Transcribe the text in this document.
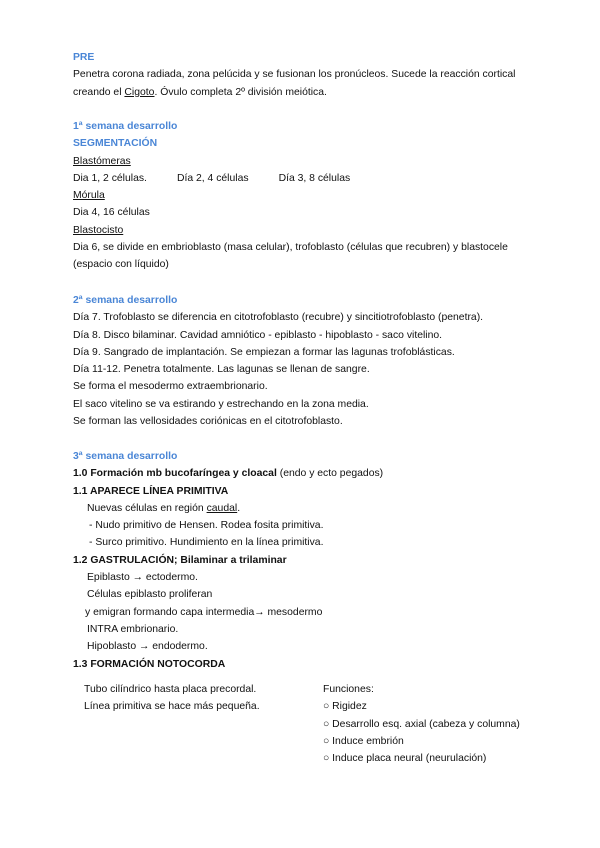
PRE
Penetra corona radiada, zona pelúcida y se fusionan los pronúcleos. Sucede la reacción cortical
creando el Cigoto. Óvulo completa 2º división meiótica.
1ª semana desarrollo
SEGMENTACIÓN
Blastómeras
Dia 1, 2 células.	Día 2, 4 células	Día 3, 8 células
Mórula
Dia 4, 16 células
Blastocisto
Dia 6, se divide en embrioblasto (masa celular), trofoblasto (células que recubren) y blastocele
(espacio con líquido)
2ª semana desarrollo
Día 7. Trofoblasto se diferencia en citotrofoblasto (recubre) y sincitiotrofoblasto (penetra).
Día 8. Disco bilaminar. Cavidad amniótico - epiblasto - hipoblasto - saco vitelino.
Día 9. Sangrado de implantación. Se empiezan a formar las lagunas trofoblásticas.
Día 11-12. Penetra totalmente. Las lagunas se llenan de sangre.
Se forma el mesodermo extraembrionario.
El saco vitelino se va estirando y estrechando en la zona media.
Se forman las vellosidades coriónicas en el citotrofoblasto.
3ª semana desarrollo
1.0 Formación mb bucofaríngea y cloacal (endo y ecto pegados)
1.1 APARECE LÍNEA PRIMITIVA
Nuevas células en región caudal.
- Nudo primitivo de Hensen. Rodea fosita primitiva.
- Surco primitivo. Hundimiento en la línea primitiva.
1.2 GASTRULACIÓN; Bilaminar a trilaminar
Epiblasto → ectodermo.
Células epiblasto proliferan
y emigran formando capa intermedia→ mesodermo
INTRA embrionario.
Hipoblasto → endodermo.
1.3 FORMACIÓN NOTOCORDA
Tubo cilíndrico hasta placa precordal.
Línea primitiva se hace más pequeña.
Funciones:
○ Rigidez
○ Desarrollo esq. axial (cabeza y columna)
○ Induce embrión
○ Induce placa neural (neurulación)
